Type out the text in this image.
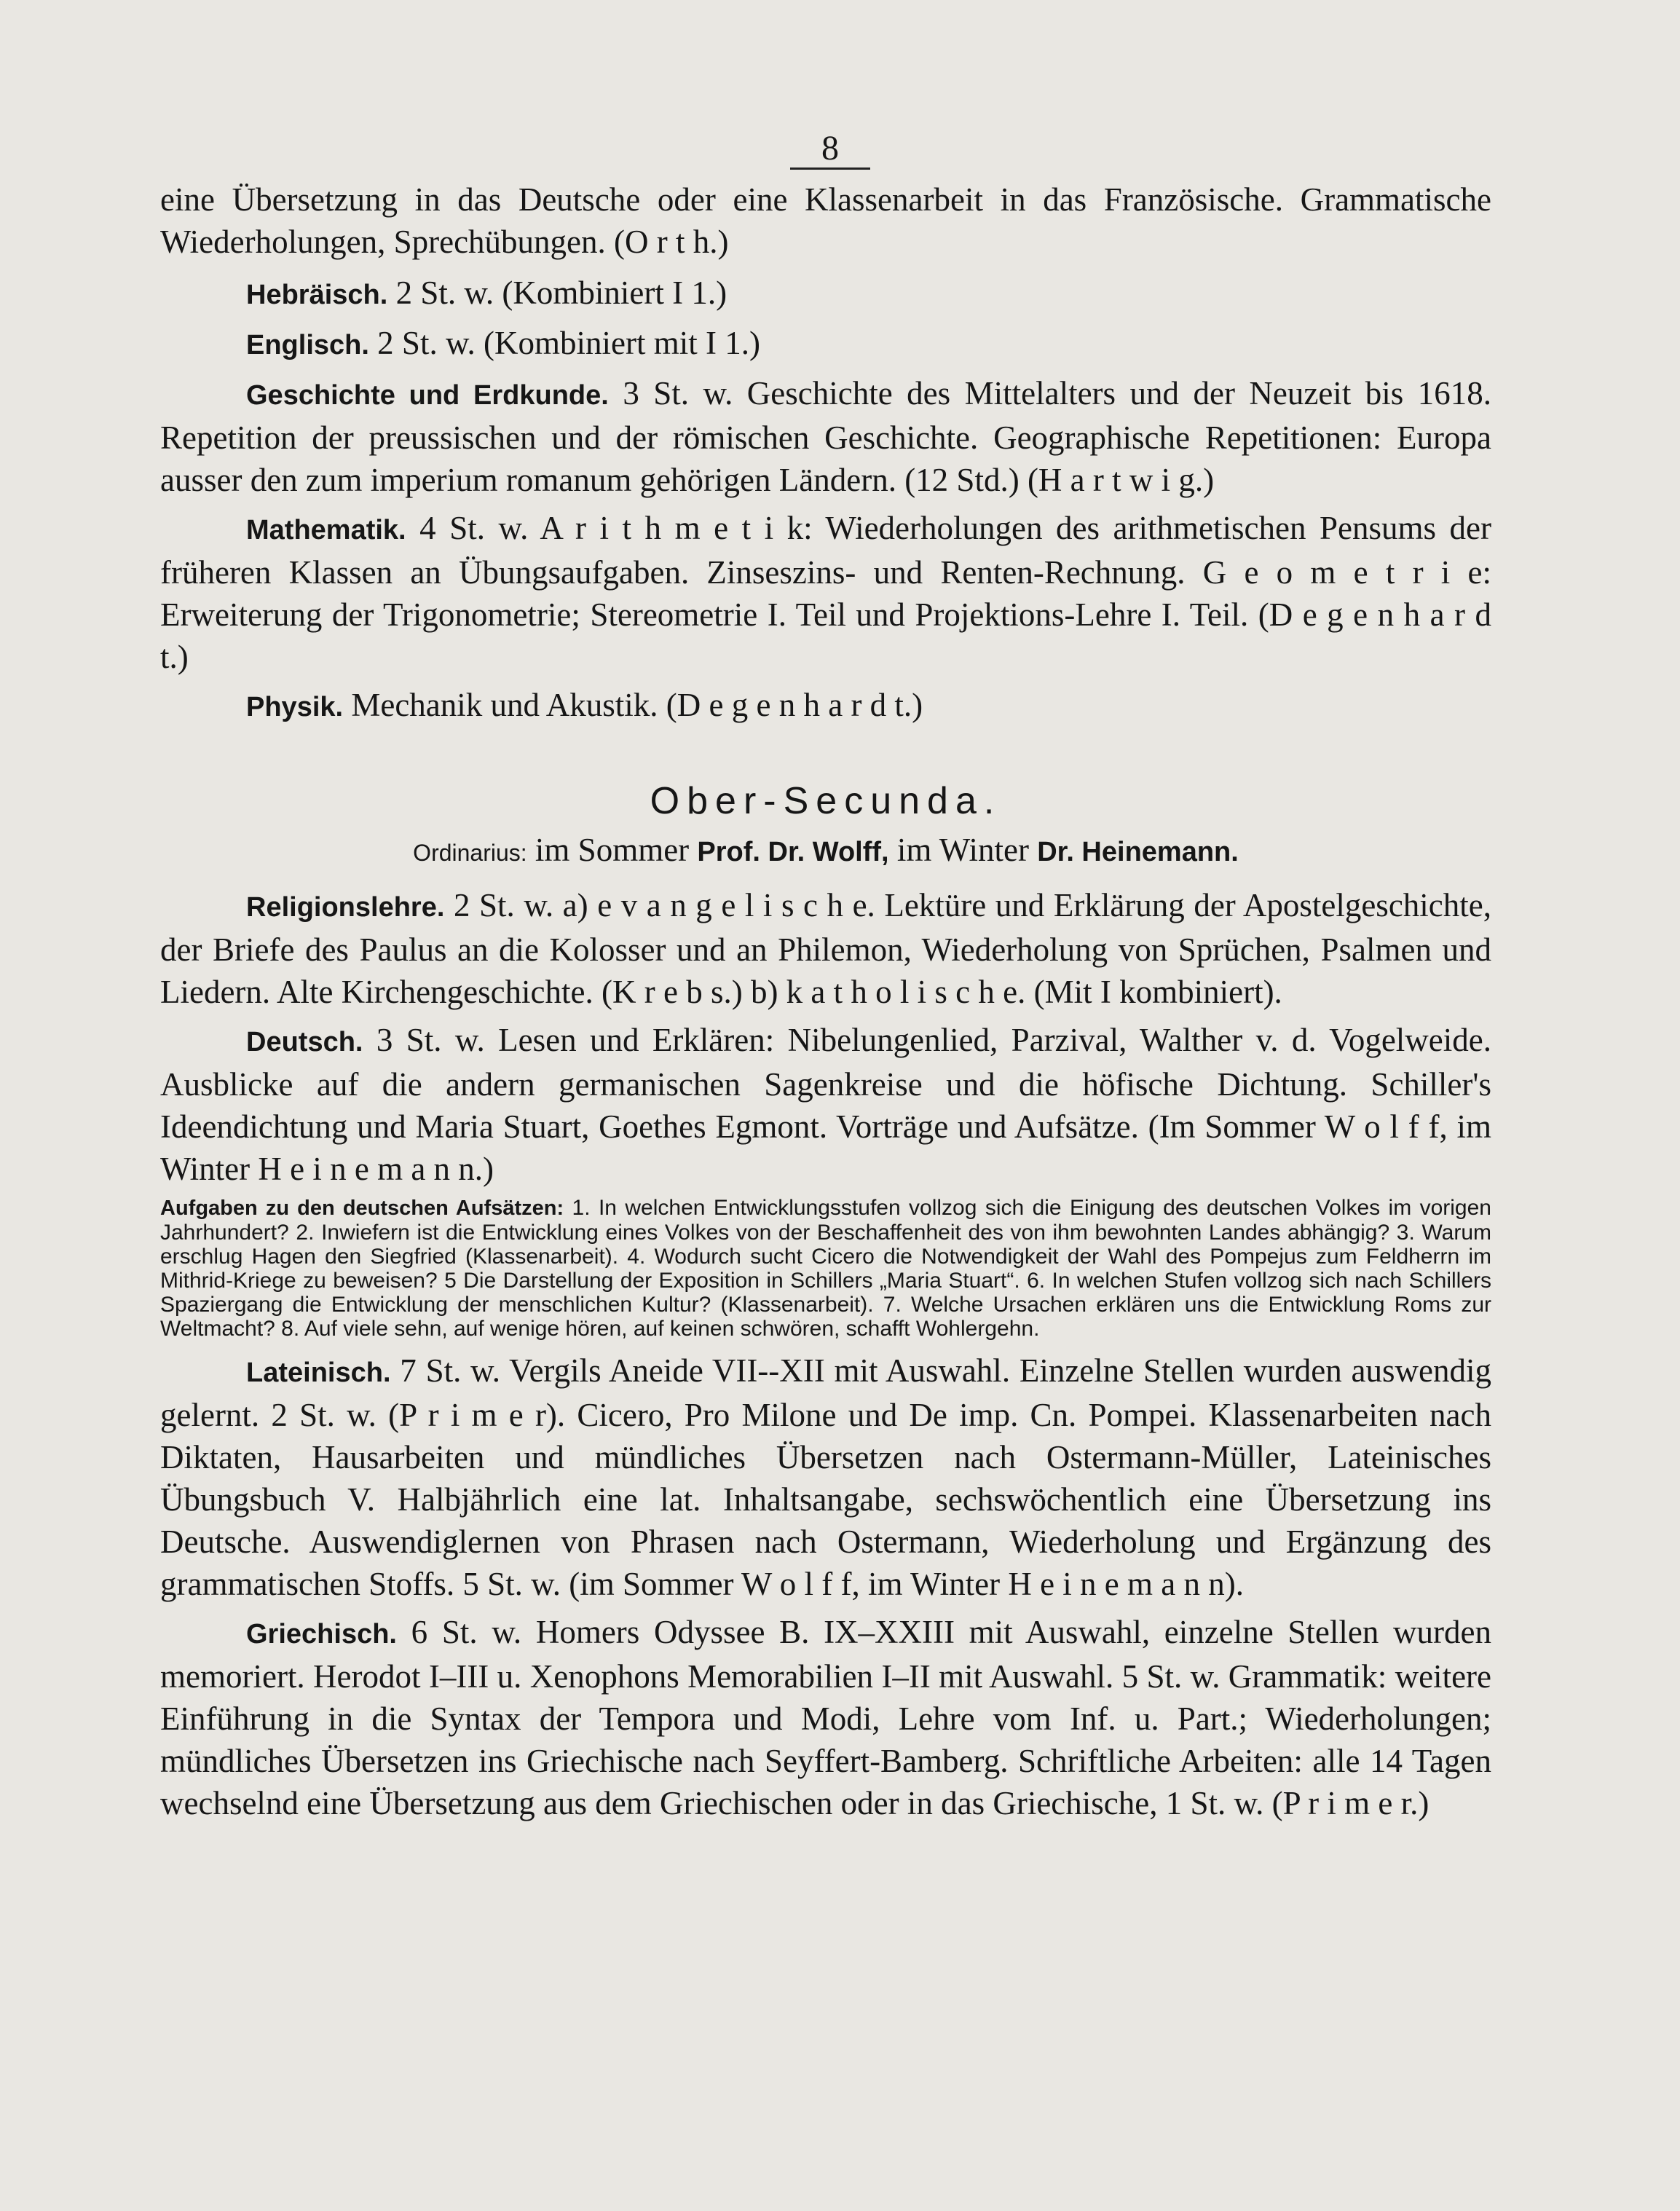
8

eine Übersetzung in das Deutsche oder eine Klassenarbeit in das Französische. Grammatische Wiederholungen, Sprechübungen. (O r t h.)

Hebräisch. 2 St. w. (Kombiniert I 1.)

Englisch. 2 St. w. (Kombiniert mit I 1.)

Geschichte und Erdkunde. 3 St. w. Geschichte des Mittelalters und der Neuzeit bis 1618. Repetition der preussischen und der römischen Geschichte. Geographische Repetitionen: Europa ausser den zum imperium romanum gehörigen Ländern. (12 Std.) (H a r t w i g.)

Mathematik. 4 St. w. A r i t h m e t i k: Wiederholungen des arithmetischen Pensums der früheren Klassen an Übungsaufgaben. Zinseszins- und Renten-Rechnung. G e o m e t r i e: Erweiterung der Trigonometrie; Stereometrie I. Teil und Projektions-Lehre I. Teil. (D e g e n h a r d t.)

Physik. Mechanik und Akustik. (D e g e n h a r d t.)

Ober-Secunda.
Ordinarius: im Sommer Prof. Dr. Wolff, im Winter Dr. Heinemann.

Religionslehre. 2 St. w. a) e v a n g e l i s c h e. Lektüre und Erklärung der Apostelgeschichte, der Briefe des Paulus an die Kolosser und an Philemon, Wiederholung von Sprüchen, Psalmen und Liedern. Alte Kirchengeschichte. (K r e b s.) b) k a t h o l i s c h e. (Mit I kombiniert).

Deutsch. 3 St. w. Lesen und Erklären: Nibelungenlied, Parzival, Walther v. d. Vogelweide. Ausblicke auf die andern germanischen Sagenkreise und die höfische Dichtung. Schiller's Ideendichtung und Maria Stuart, Goethes Egmont. Vorträge und Aufsätze. (Im Sommer W o l f f, im Winter H e i n e m a n n.)

Aufgaben zu den deutschen Aufsätzen: 1. In welchen Entwicklungsstufen vollzog sich die Einigung des deutschen Volkes im vorigen Jahrhundert? 2. Inwiefern ist die Entwicklung eines Volkes von der Beschaffenheit des von ihm bewohnten Landes abhängig? 3. Warum erschlug Hagen den Siegfried (Klassenarbeit). 4. Wodurch sucht Cicero die Notwendigkeit der Wahl des Pompejus zum Feldherrn im Mithrid-Kriege zu beweisen? 5 Die Darstellung der Exposition in Schillers „Maria Stuart“. 6. In welchen Stufen vollzog sich nach Schillers Spaziergang die Entwicklung der menschlichen Kultur? (Klassenarbeit). 7. Welche Ursachen erklären uns die Entwicklung Roms zur Weltmacht? 8. Auf viele sehn, auf wenige hören, auf keinen schwören, schafft Wohlergehn.

Lateinisch. 7 St. w. Vergils Aneide VII--XII mit Auswahl. Einzelne Stellen wurden auswendig gelernt. 2 St. w. (P r i m e r). Cicero, Pro Milone und De imp. Cn. Pompei. Klassenarbeiten nach Diktaten, Hausarbeiten und mündliches Übersetzen nach Ostermann-Müller, Lateinisches Übungsbuch V. Halbjährlich eine lat. Inhaltsangabe, sechswöchentlich eine Übersetzung ins Deutsche. Auswendiglernen von Phrasen nach Ostermann, Wiederholung und Ergänzung des grammatischen Stoffs. 5 St. w. (im Sommer W o l f f, im Winter H e i n e m a n n).

Griechisch. 6 St. w. Homers Odyssee B. IX–XXIII mit Auswahl, einzelne Stellen wurden memoriert. Herodot I–III u. Xenophons Memorabilien I–II mit Auswahl. 5 St. w. Grammatik: weitere Einführung in die Syntax der Tempora und Modi, Lehre vom Inf. u. Part.; Wiederholungen; mündliches Übersetzen ins Griechische nach Seyffert-Bamberg. Schriftliche Arbeiten: alle 14 Tagen wechselnd eine Übersetzung aus dem Griechischen oder in das Griechische, 1 St. w. (P r i m e r.)
